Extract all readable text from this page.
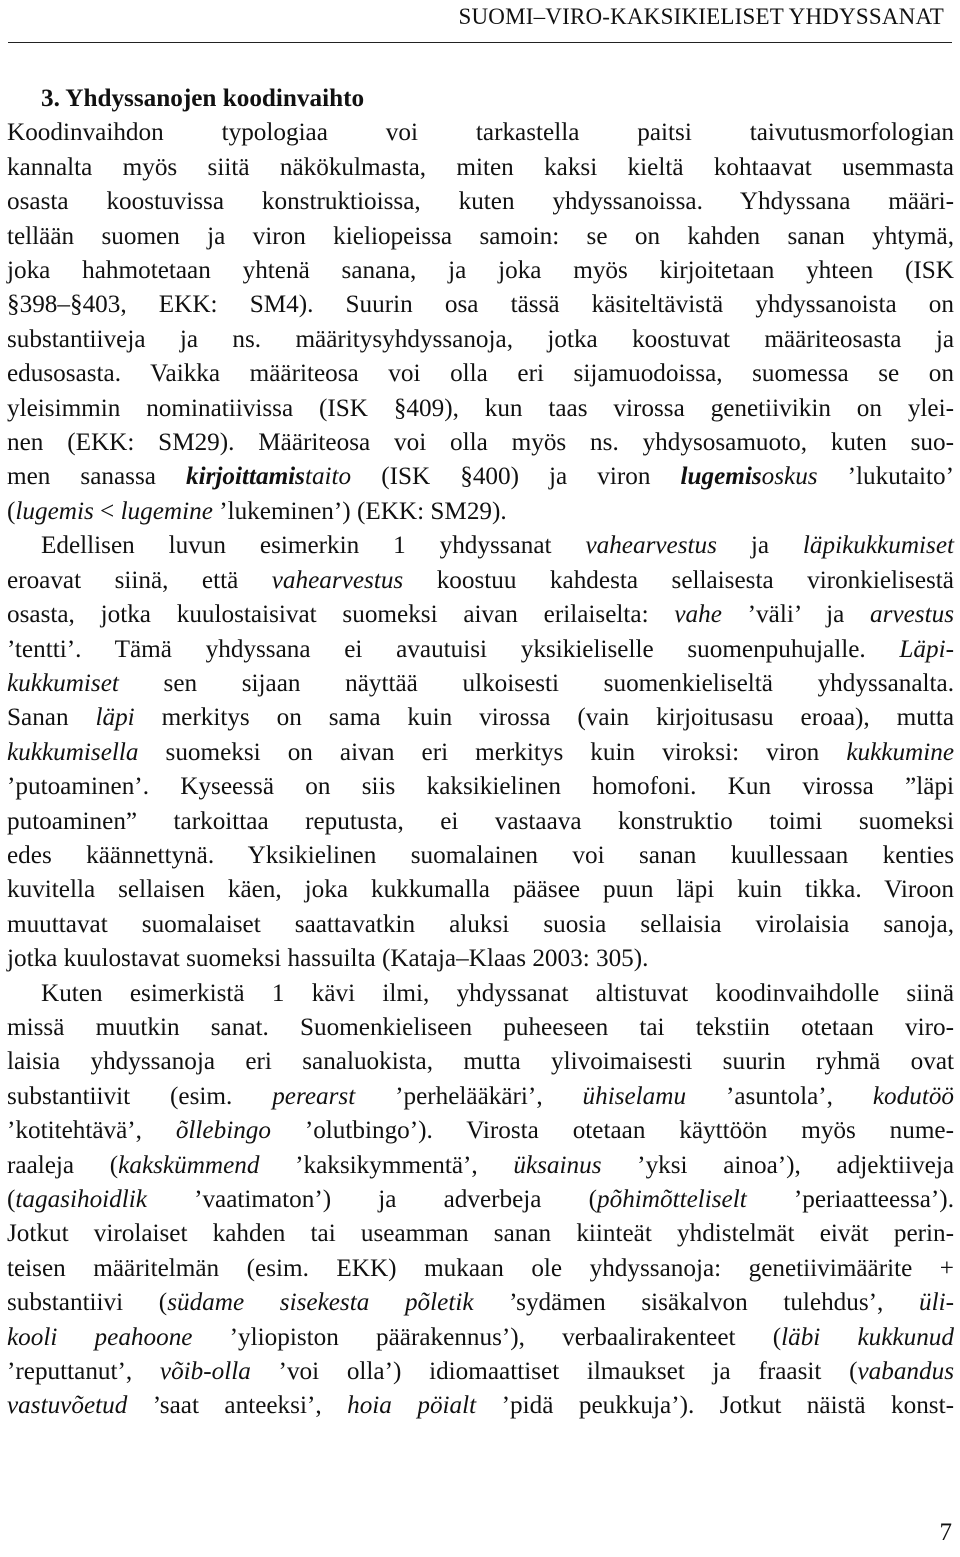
SUOMI–VIRO-KAKSIKIELISET YHDYSSANAT
3. Yhdyssanojen koodinvaihto

Koodinvaihdon typologiaa voi tarkastella paitsi taivutusmorfologian
kannalta myös siitä näkökulmasta, miten kaksi kieltä kohtaavat usemmasta
osasta koostuvissa konstruktioissa, kuten yhdyssanoissa. Yhdyssana määri-
tellään suomen ja viron kieliopeissa samoin: se on kahden sanan yhtymä,
joka hahmotetaan yhtenä sanana, ja joka myös kirjoitetaan yhteen (ISK
§398–§403, EKK: SM4). Suurin osa tässä käsiteltävistä yhdyssanoista on
substantiiveja ja ns. määritysyhdyssanoja, jotka koostuvat määriteosasta ja
edusosasta. Vaikka määriteosa voi olla eri sijamuodoissa, suomessa se on
yleisimmin nominatiivissa (ISK §409), kun taas virossa genetiivikin on ylei-
nen (EKK: SM29). Määriteosa voi olla myös ns. yhdysosamuoto, kuten suo-
men sanassa kirjoittamistaito (ISK §400) ja viron lugemisoskus ’lukutaito’
(lugemis < lugemine ’lukeminen’) (EKK: SM29).

Edellisen luvun esimerkin 1 yhdyssanat vahearvestus ja läpikukkumiset
eroavat siinä, että vahearvestus koostuu kahdesta sellaisesta vironkielisestä
osasta, jotka kuulostaisivat suomeksi aivan erilaiselta: vahe ’väli’ ja arvestus
’tentti’. Tämä yhdyssana ei avautuisi yksikieliselle suomenpuhujalle. Läpi-
kukkumiset sen sijaan näyttää ulkoisesti suomenkieliseltä yhdyssanalta.
Sanan läpi merkitys on sama kuin virossa (vain kirjoitusasu eroaa), mutta
kukkumisella suomeksi on aivan eri merkitys kuin viroksi: viron kukkumine
’putoaminen’. Kyseessä on siis kaksikielinen homofoni. Kun virossa ”läpi
putoaminen” tarkoittaa reputusta, ei vastaava konstruktio toimi suomeksi
edes käännettynä. Yksikielinen suomalainen voi sanan kuullessaan kenties
kuvitella sellaisen käen, joka kukkumalla pääsee puun läpi kuin tikka. Viroon
muuttavat suomalaiset saattavatkin aluksi suosia sellaisia virolaisia sanoja,
jotka kuulostavat suomeksi hassuilta (Kataja–Klaas 2003: 305).

Kuten esimerkistä 1 kävi ilmi, yhdyssanat altistuvat koodinvaihdolle siinä
missä muutkin sanat. Suomenkieliseen puheeseen tai tekstiin otetaan viro-
laisia yhdyssanoja eri sanaluokista, mutta ylivoimaisesti suurin ryhmä ovat
substantiivit (esim. perearst ’perhelääkäri’, ühiselamu ’asuntola’, kodutöö
’kotitehtävä’, õllebingo ’olutbingo’). Virosta otetaan käyttöön myös nume-
raaleja (kakskümmend ’kaksikymmentä’, üksainus ’yksi ainoa’), adjektiiveja
(tagasihoidlik ’vaatimaton’) ja adverbeja (põhimõtteliselt ’periaatteessa’).
Jotkut virolaiset kahden tai useamman sanan kiinteät yhdistelmät eivät perin-
teisen määritelmän (esim. EKK) mukaan ole yhdyssanoja: genetiivimäärite +
substantiivi (südame sisekesta põletik ’sydämen sisäkalvon tulehdus’, üli-
kooli peahoone ’yliopiston päärakennus’), verbaalirakenteet (läbi kukkunud
’reputtanut’, võib-olla ’voi olla’) idiomaattiset ilmaukset ja fraasit (vabandus
vastuvõetud ’saat anteeksi’, hoia pöialt ’pidä peukkuja’). Jotkut näistä konst-

7
